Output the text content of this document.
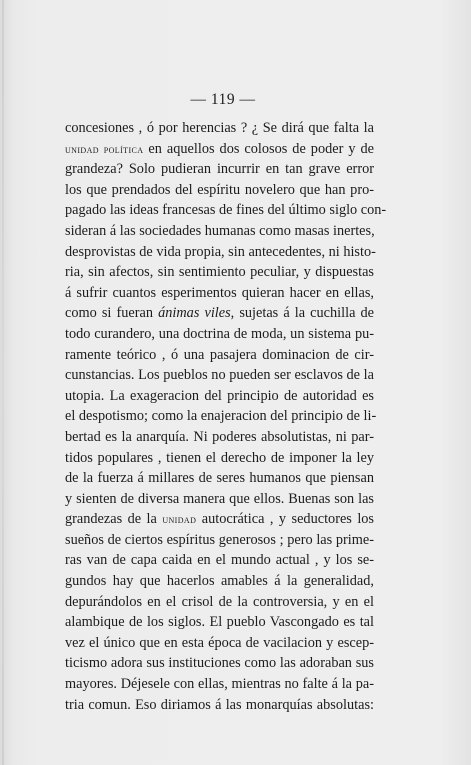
— 119 —
concesiones , ó por herencias ? ¿ Se dirá que falta la
unidad política en aquellos dos colosos de poder y de
grandeza? Solo pudieran incurrir en tan grave error
los que prendados del espíritu novelero que han pro-
pagado las ideas francesas de fines del último siglo con-
sideran á las sociedades humanas como masas inertes,
desprovistas de vida propia, sin antecedentes, ni histo-
ria, sin afectos, sin sentimiento peculiar, y dispuestas
á sufrir cuantos esperimentos quieran hacer en ellas,
como si fueran ánimas viles, sujetas á la cuchilla de
todo curandero, una doctrina de moda, un sistema pu-
ramente teórico , ó una pasajera dominacion de cir-
cunstancias. Los pueblos no pueden ser esclavos de la
utopia. La exageracion del principio de autoridad es
el despotismo; como la enajeracion del principio de li-
bertad es la anarquía. Ni poderes absolutistas, ni par-
tidos populares , tienen el derecho de imponer la ley
de la fuerza á millares de seres humanos que piensan
y sienten de diversa manera que ellos. Buenas son las
grandezas de la unidad autocrática , y seductores los
sueños de ciertos espíritus generosos ; pero las prime-
ras van de capa caida en el mundo actual , y los se-
gundos hay que hacerlos amables á la generalidad,
depurándolos en el crisol de la controversia, y en el
alambique de los siglos. El pueblo Vascongado es tal
vez el único que en esta época de vacilacion y escep-
ticismo adora sus instituciones como las adoraban sus
mayores. Déjesele con ellas, mientras no falte á la pa-
tria comun. Eso diriamos á las monarquías absolutas:
